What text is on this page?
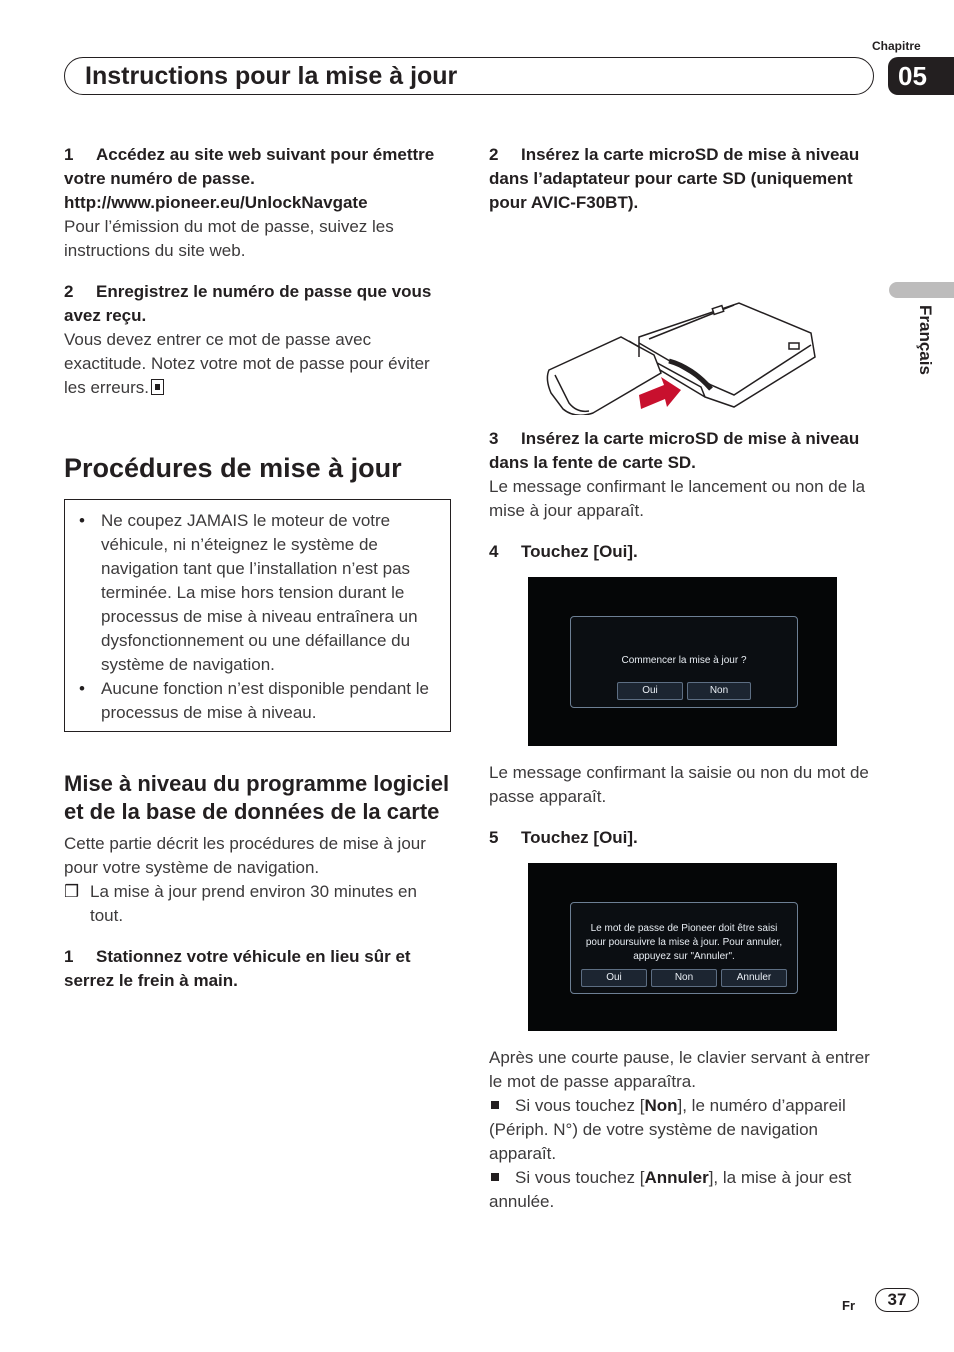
Chapitre
Instructions pour la mise à jour	05
Français

1 Accédez au site web suivant pour émettre votre numéro de passe.

http://www.pioneer.eu/UnlockNavgate

Pour l’émission du mot de passe, suivez les instructions du site web.

2 Enregistrez le numéro de passe que vous avez reçu.

Vous devez entrer ce mot de passe avec exactitude. Notez votre mot de passe pour éviter les erreurs.

Procédures de mise à jour

• Ne coupez JAMAIS le moteur de votre véhicule, ni n’éteignez le système de navigation tant que l’installation n’est pas terminée. La mise hors tension durant le processus de mise à niveau entraînera un dysfonctionnement ou une défaillance du système de navigation.
• Aucune fonction n’est disponible pendant le processus de mise à niveau.

Mise à niveau du programme logiciel et de la base de données de la carte

Cette partie décrit les procédures de mise à jour pour votre système de navigation.

❒ La mise à jour prend environ 30 minutes en tout.

1 Stationnez votre véhicule en lieu sûr et serrez le frein à main.

2 Insérez la carte microSD de mise à niveau dans l’adaptateur pour carte SD (uniquement pour AVIC-F30BT).

3 Insérez la carte microSD de mise à niveau dans la fente de carte SD.

Le message confirmant le lancement ou non de la mise à jour apparaît.

4 Touchez [Oui].

Commencer la mise à jour ?
Oui	Non

Le message confirmant la saisie ou non du mot de passe apparaît.

5 Touchez [Oui].

Le mot de passe de Pioneer doit être saisi
pour poursuivre la mise à jour. Pour annuler,
appuyez sur "Annuler".
Oui	Non	Annuler

Après une courte pause, le clavier servant à entrer le mot de passe apparaîtra.

Si vous touchez [Non], le numéro d’appareil (Périph. N°) de votre système de navigation apparaît.

Si vous touchez [Annuler], la mise à jour est annulée.

Fr	37
